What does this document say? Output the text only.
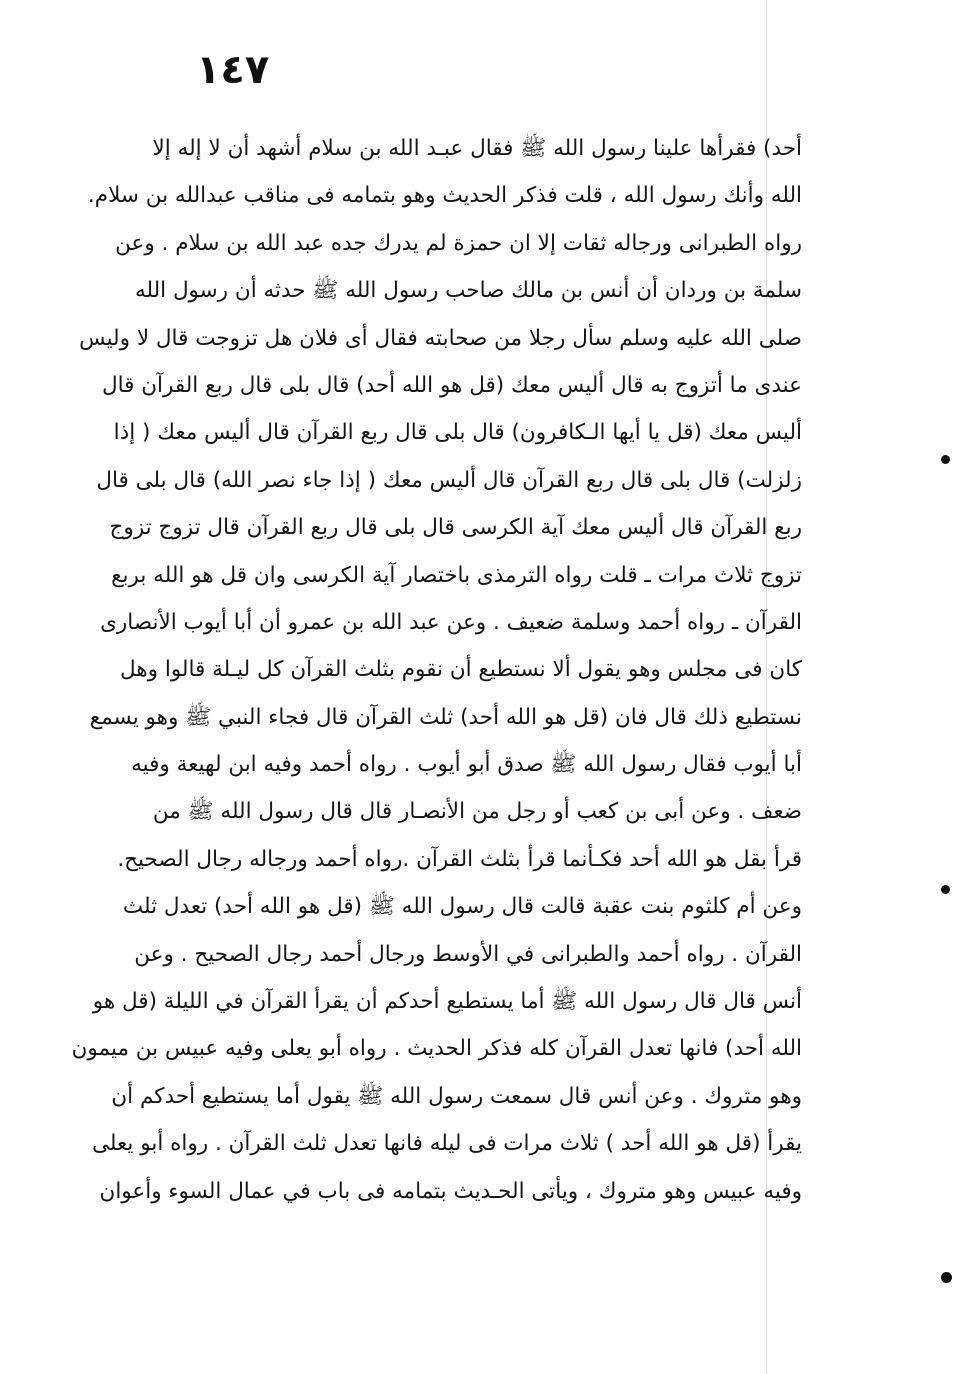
١٤٧
أحد) فقرأها علينا رسول الله ﷺ فقال عبـد الله بن سلام أشهد أن لا إله إلا
الله وأنك رسول الله ، قلت فذكر الحديث وهو بتمامه فى مناقب عبدالله بن سلام.
رواه الطبرانى ورجاله ثقات إلا ان حمزة لم يدرك جده عبد الله بن سلام . وعن
سلمة بن وردان أن أنس بن مالك صاحب رسول الله ﷺ حدثه أن رسول الله
صلى الله عليه وسلم سأل رجلا من صحابته فقال أى فلان هل تزوجت قال لا وليس
عندى ما أتزوج به قال أليس معك (قل هو الله أحد) قال بلى قال ربع القرآن قال
أليس معك (قل يا أيها الـكافرون) قال بلى قال ربع القرآن قال أليس معك ( إذا
زلزلت) قال بلى قال ربع القرآن قال أليس معك ( إذا جاء نصر الله) قال بلى قال
ربع القرآن قال أليس معك آية الكرسى قال بلى قال ربع القرآن قال تزوج تزوج
تزوج ثلاث مرات ـ قلت رواه الترمذى باختصار آية الكرسى وان قل هو الله بربع
القرآن ـ رواه أحمد وسلمة ضعيف . وعن عبد الله بن عمرو أن أبا أيوب الأنصارى
كان فى مجلس وهو يقول ألا نستطيع أن نقوم بثلث القرآن كل ليـلة قالوا وهل
نستطيع ذلك قال فان (قل هو الله أحد) ثلث القرآن قال فجاء النبي ﷺ وهو يسمع
أبا أيوب فقال رسول الله ﷺ صدق أبو أيوب . رواه أحمد وفيه ابن لهيعة وفيه
ضعف . وعن أبى بن كعب أو رجل من الأنصـار قال قال رسول الله ﷺ من
قرأ بقل هو الله أحد فكـأنما قرأ بثلث القرآن .رواه أحمد ورجاله رجال الصحيح.
وعن أم كلثوم بنت عقبة قالت قال رسول الله ﷺ (قل هو الله أحد) تعدل ثلث
القرآن . رواه أحمد والطبرانى في الأوسط ورجال أحمد رجال الصحيح . وعن
أنس قال قال رسول الله ﷺ أما يستطيع أحدكم أن يقرأ القرآن في الليلة (قل هو
الله أحد) فانها تعدل القرآن كله فذكر الحديث . رواه أبو يعلى وفيه عبيس بن ميمون
وهو متروك . وعن أنس قال سمعت رسول الله ﷺ يقول أما يستطيع أحدكم أن
يقرأ (قل هو الله أحد ) ثلاث مرات فى ليله فانها تعدل ثلث القرآن . رواه أبو يعلى
وفيه عبيس وهو متروك ، ويأتى الحـديث بتمامه فى باب في عمال السوء وأعوان
